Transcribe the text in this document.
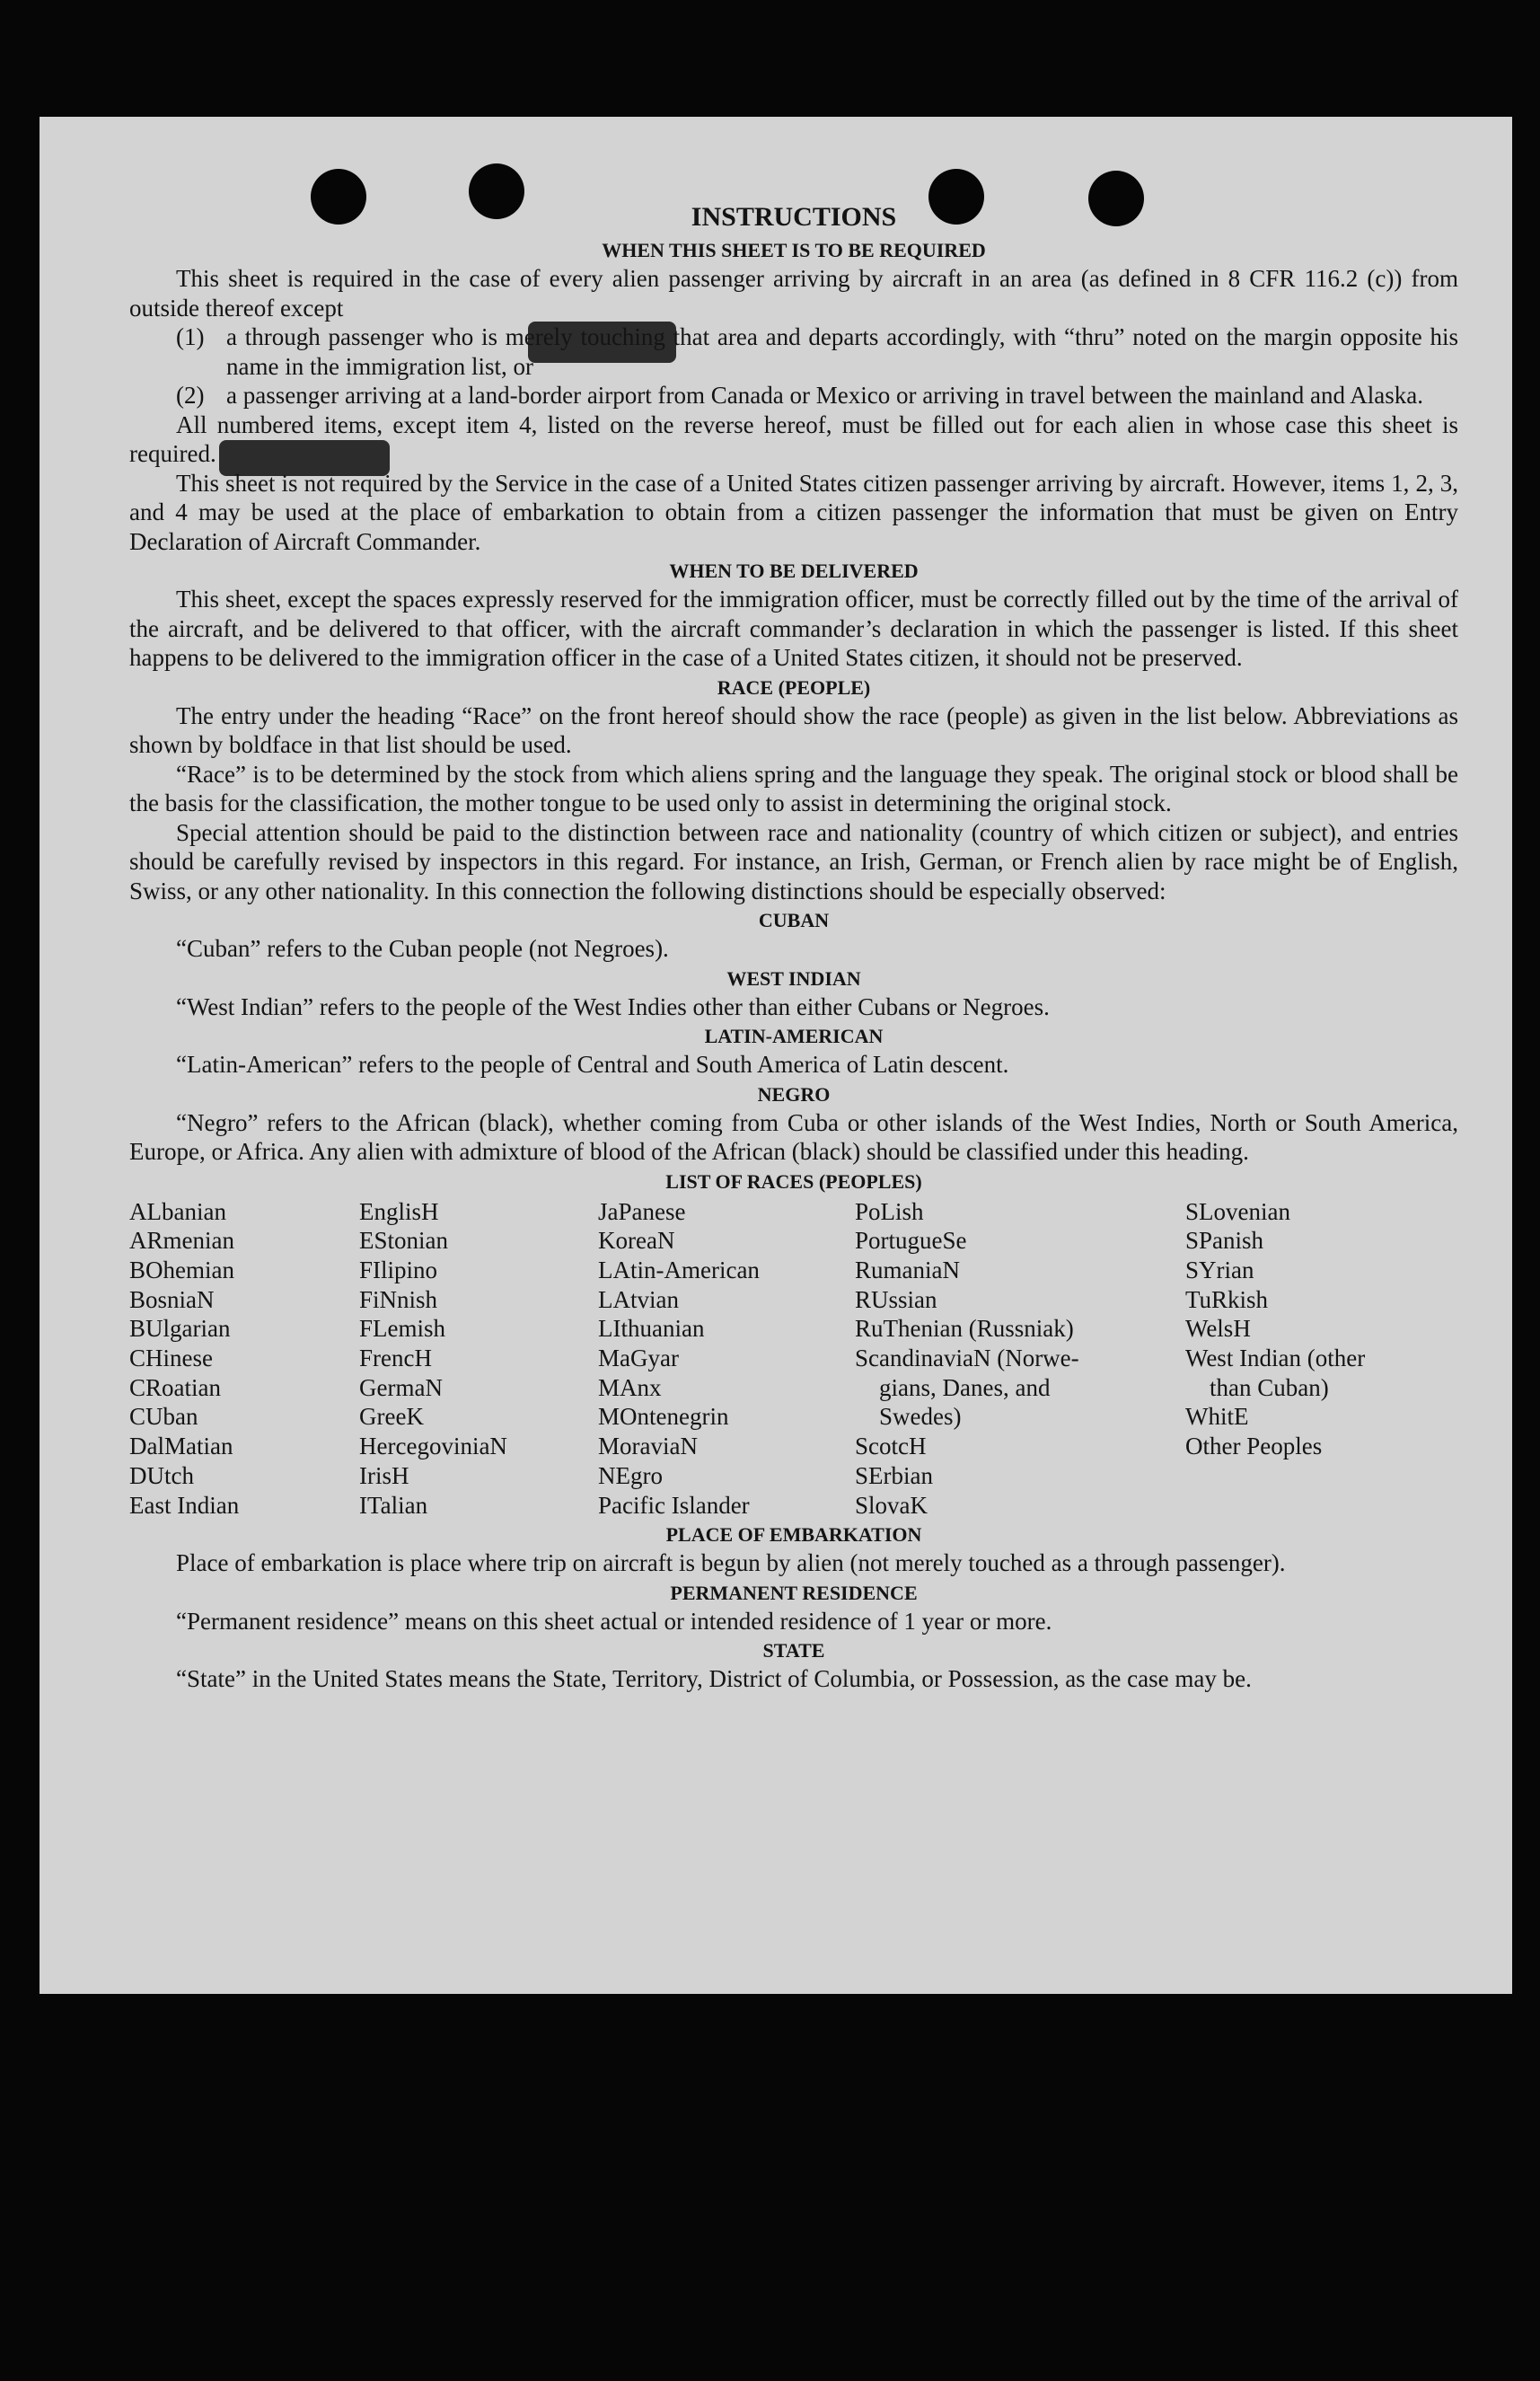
INSTRUCTIONS
WHEN THIS SHEET IS TO BE REQUIRED

This sheet is required in the case of every alien passenger arriving by aircraft in an area (as defined in 8 CFR 116.2 (c)) from outside thereof except

(1) a through passenger who is merely touching that area and departs accordingly, with “thru” noted on the margin opposite his name in the immigration list, or
(2) a passenger arriving at a land-border airport from Canada or Mexico or arriving in travel between the mainland and Alaska.

All numbered items, except item 4, listed on the reverse hereof, must be filled out for each alien in whose case this sheet is required.

This sheet is not required by the Service in the case of a United States citizen passenger arriving by aircraft. However, items 1, 2, 3, and 4 may be used at the place of embarkation to obtain from a citizen passenger the information that must be given on Entry Declaration of Aircraft Commander.

WHEN TO BE DELIVERED

This sheet, except the spaces expressly reserved for the immigration officer, must be correctly filled out by the time of the arrival of the aircraft, and be delivered to that officer, with the aircraft commander’s declaration in which the passenger is listed. If this sheet happens to be delivered to the immigration officer in the case of a United States citizen, it should not be preserved.

RACE (PEOPLE)

The entry under the heading “Race” on the front hereof should show the race (people) as given in the list below. Abbreviations as shown by boldface in that list should be used.

“Race” is to be determined by the stock from which aliens spring and the language they speak. The original stock or blood shall be the basis for the classification, the mother tongue to be used only to assist in determining the original stock.

Special attention should be paid to the distinction between race and nationality (country of which citizen or subject), and entries should be carefully revised by inspectors in this regard. For instance, an Irish, German, or French alien by race might be of English, Swiss, or any other nationality. In this connection the following distinctions should be especially observed:

CUBAN

“Cuban” refers to the Cuban people (not Negroes).

WEST INDIAN

“West Indian” refers to the people of the West Indies other than either Cubans or Negroes.

LATIN-AMERICAN

“Latin-American” refers to the people of Central and South America of Latin descent.

NEGRO

“Negro” refers to the African (black), whether coming from Cuba or other islands of the West Indies, North or South America, Europe, or Africa. Any alien with admixture of blood of the African (black) should be classified under this heading.

LIST OF RACES (PEOPLES)
ALbanian
ARmenian
BOhemian
BosniaN
BUlgarian
CHinese
CRoatian
CUban
DalMatian
DUtch
East Indian
EnglisH
EStonian
FIlipino
FiNnish
FLemish
FrencH
GermaN
GreeK
HercegoviniaN
IrisH
ITalian
JaPanese
KoreaN
LAtin-American
LAtvian
LIthuanian
MaGyar
MAnx
MOntenegrin
MoraviaN
NEgro
Pacific Islander
PoLish
PortugueSe
RumaniaN
RUssian
RuThenian (Russniak)
ScandinaviaN (Norwe-
 gians, Danes, and
 Swedes)
ScotcH
SErbian
SlovaK
SLovenian
SPanish
SYrian
TuRkish
WelsH
West Indian (other
 than Cuban)
WhitE
Other Peoples
PLACE OF EMBARKATION

Place of embarkation is place where trip on aircraft is begun by alien (not merely touched as a through passenger).

PERMANENT RESIDENCE

“Permanent residence” means on this sheet actual or intended residence of 1 year or more.

STATE

“State” in the United States means the State, Territory, District of Columbia, or Possession, as the case may be.
